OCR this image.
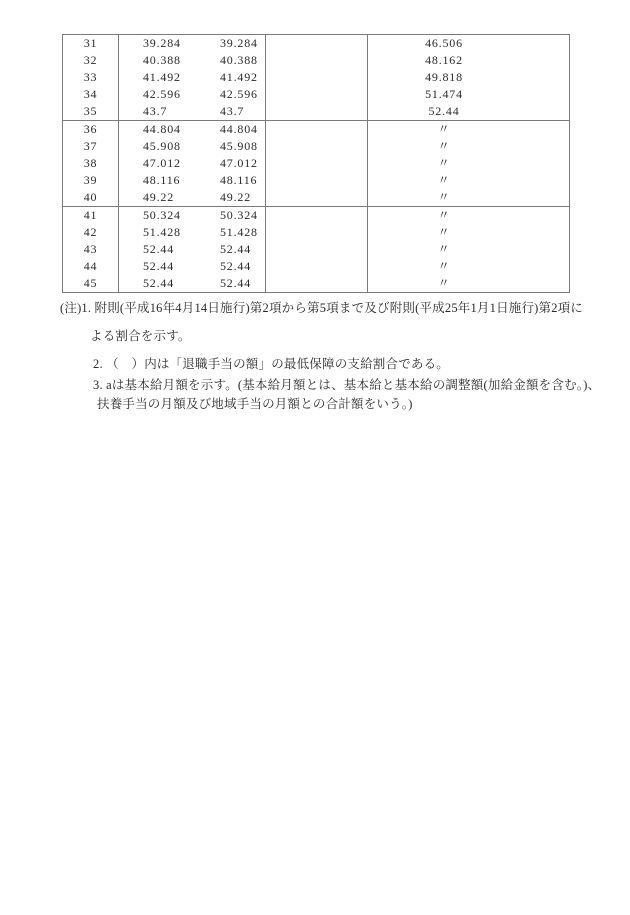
31	39.284	39.284	46.506
32	40.388	40.388	48.162
33	41.492	41.492	49.818
34	42.596	42.596	51.474
35	43.7	43.7	52.44
36	44.804	44.804	〃
37	45.908	45.908	〃
38	47.012	47.012	〃
39	48.116	48.116	〃
40	49.22	49.22	〃
41	50.324	50.324	〃
42	51.428	51.428	〃
43	52.44	52.44	〃
44	52.44	52.44	〃
45	52.44	52.44	〃
(注)1. 附則(平成16年4月14日施行)第2項から第5項まで及び附則(平成25年1月1日施行)第2項に
よる割合を示す。
2. （　）内は「退職手当の額」の最低保障の支給割合である。
3. aは基本給月額を示す。(基本給月額とは、基本給と基本給の調整額(加給金額を含む。)、
扶養手当の月額及び地域手当の月額との合計額をいう。)
